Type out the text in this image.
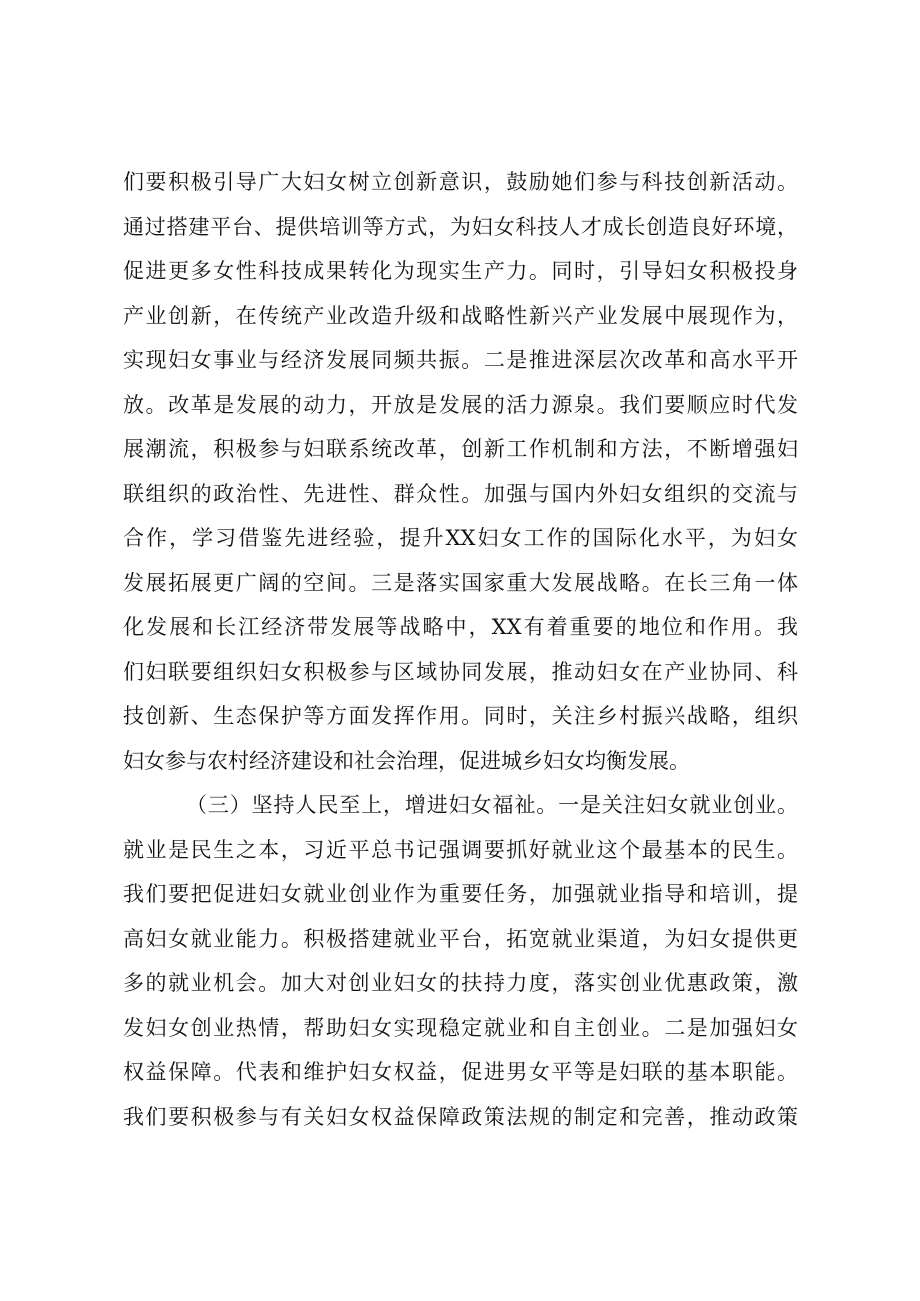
们要积极引导广大妇女树立创新意识，鼓励她们参与科技创新活动。
通过搭建平台、提供培训等方式，为妇女科技人才成长创造良好环境，
促进更多女性科技成果转化为现实生产力。同时，引导妇女积极投身
产业创新，在传统产业改造升级和战略性新兴产业发展中展现作为，
实现妇女事业与经济发展同频共振。二是推进深层次改革和高水平开
放。改革是发展的动力，开放是发展的活力源泉。我们要顺应时代发
展潮流，积极参与妇联系统改革，创新工作机制和方法，不断增强妇
联组织的政治性、先进性、群众性。加强与国内外妇女组织的交流与
合作，学习借鉴先进经验，提升XX妇女工作的国际化水平，为妇女
发展拓展更广阔的空间。三是落实国家重大发展战略。在长三角一体
化发展和长江经济带发展等战略中，XX有着重要的地位和作用。我
们妇联要组织妇女积极参与区域协同发展，推动妇女在产业协同、科
技创新、生态保护等方面发挥作用。同时，关注乡村振兴战略，组织
妇女参与农村经济建设和社会治理，促进城乡妇女均衡发展。
（三）坚持人民至上，增进妇女福祉。一是关注妇女就业创业。
就业是民生之本，习近平总书记强调要抓好就业这个最基本的民生。
我们要把促进妇女就业创业作为重要任务，加强就业指导和培训，提
高妇女就业能力。积极搭建就业平台，拓宽就业渠道，为妇女提供更
多的就业机会。加大对创业妇女的扶持力度，落实创业优惠政策，激
发妇女创业热情，帮助妇女实现稳定就业和自主创业。二是加强妇女
权益保障。代表和维护妇女权益，促进男女平等是妇联的基本职能。
我们要积极参与有关妇女权益保障政策法规的制定和完善，推动政策
